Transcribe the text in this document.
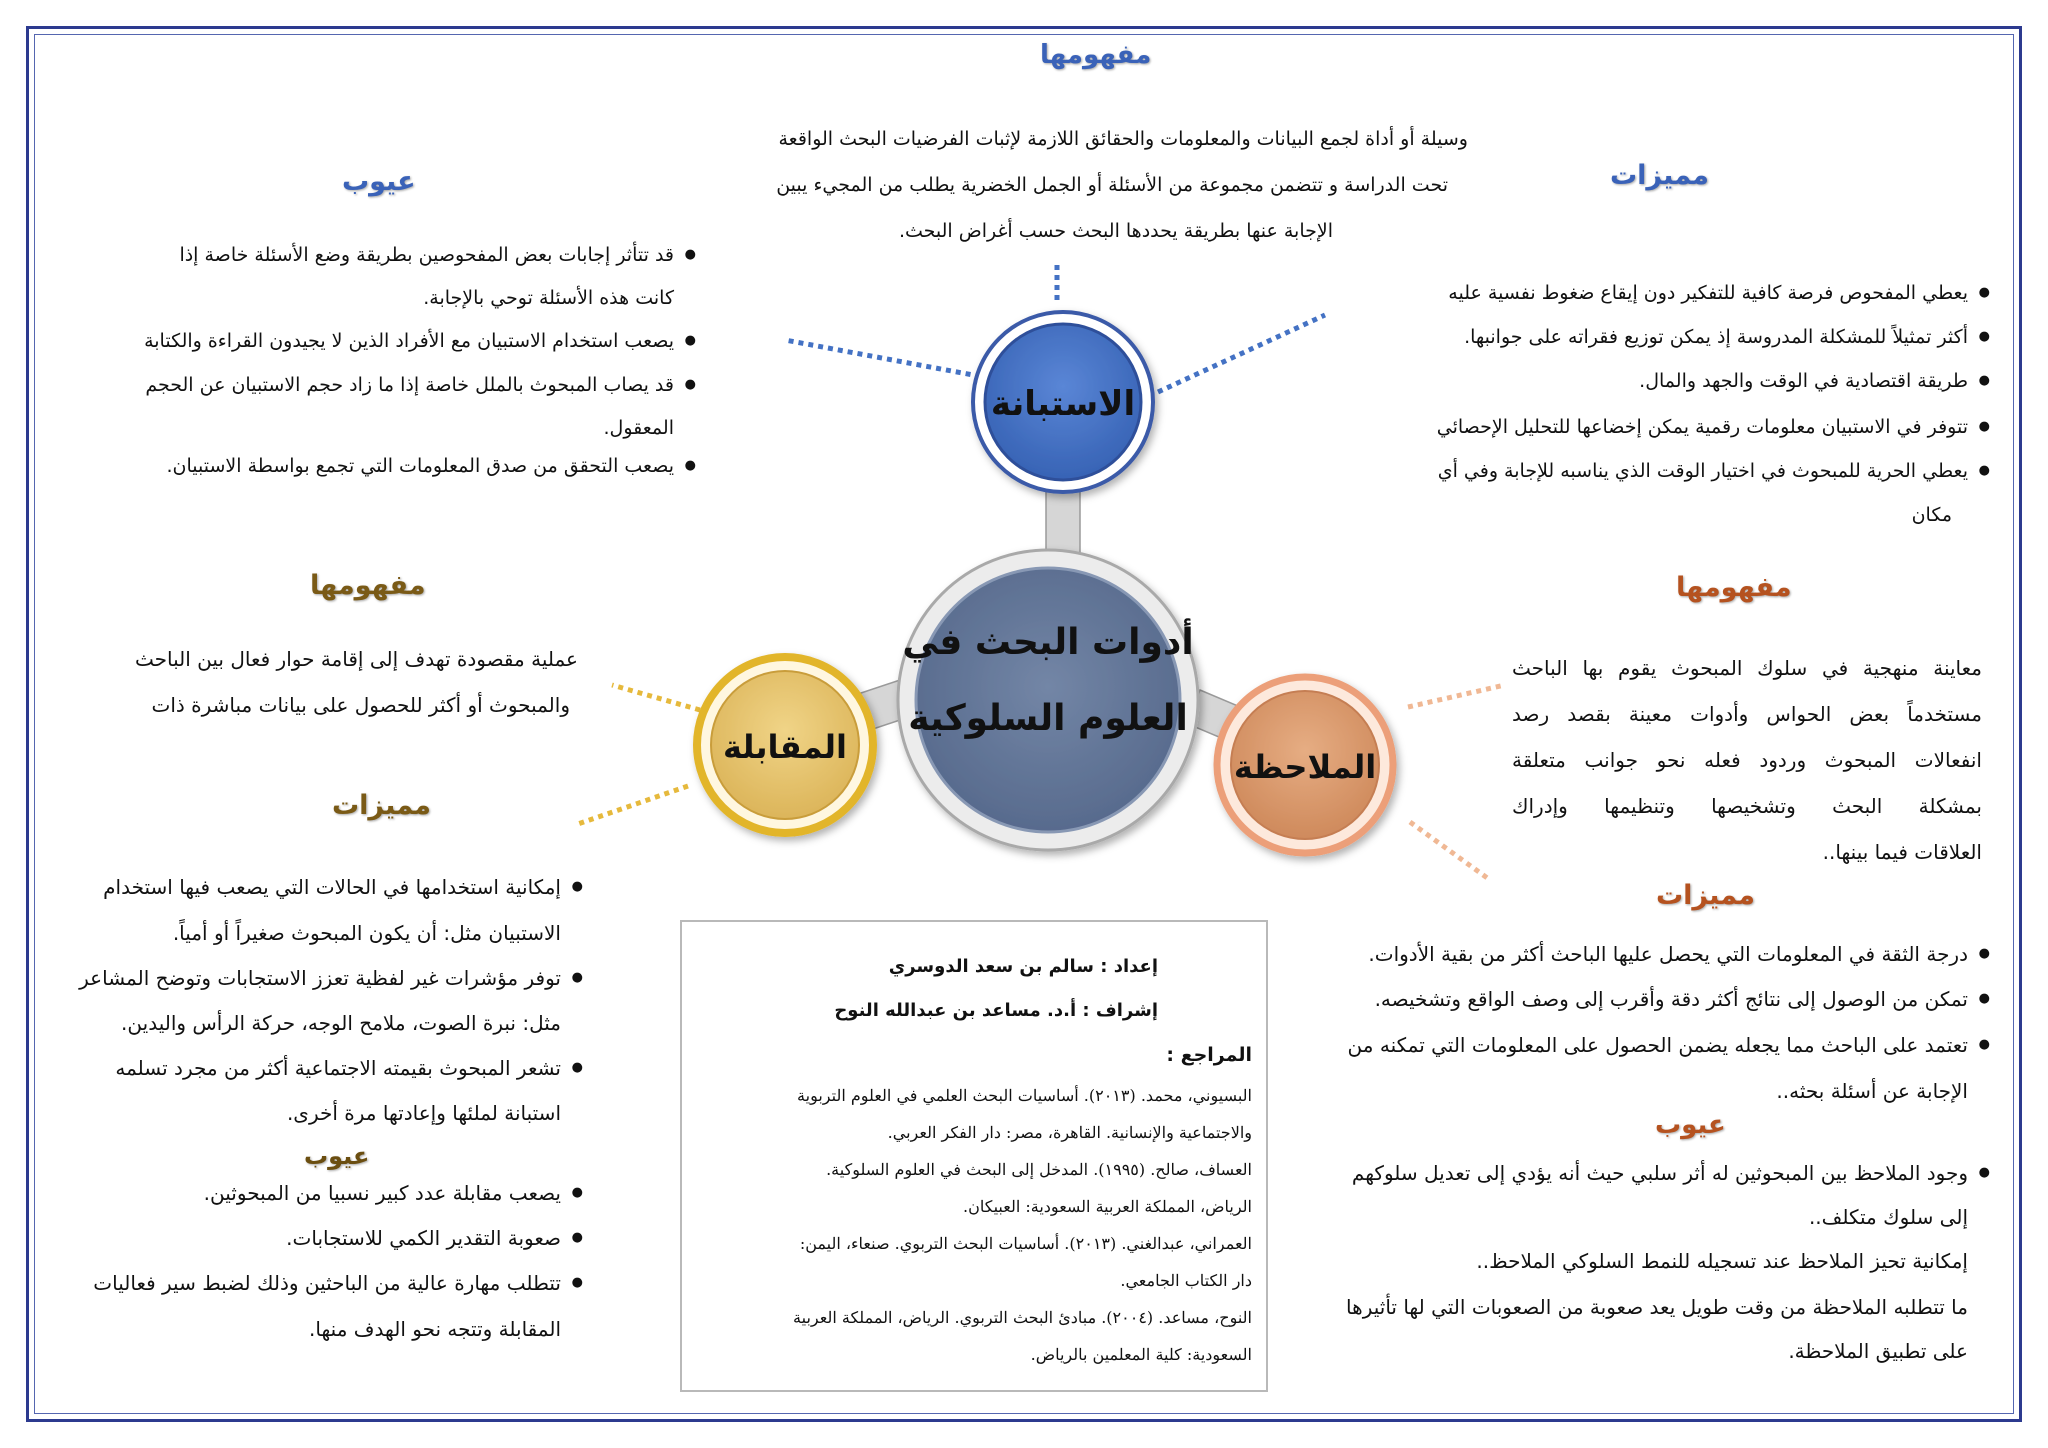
أدوات البحث في
العلوم السلوكية
الاستبانة
المقابلة
الملاحظة
مفهومها
وسيلة أو أداة لجمع البيانات والمعلومات والحقائق اللازمة لإثبات الفرضيات البحث الواقعة
تحت الدراسة و تتضمن مجموعة من الأسئلة أو الجمل الخضرية يطلب من المجيء يبين
الإجابة عنها بطريقة يحددها البحث حسب أغراض البحث.
مميزات
● يعطي المفحوص فرصة كافية للتفكير دون إيقاع ضغوط نفسية عليه
● أكثر تمثيلاً للمشكلة المدروسة إذ يمكن توزيع فقراته على جوانبها.
● طريقة اقتصادية في الوقت والجهد والمال.
● تتوفر في الاستبيان معلومات رقمية يمكن إخضاعها للتحليل الإحصائي
● يعطي الحرية للمبحوث في اختيار الوقت الذي يناسبه للإجابة وفي أي
مكان
عيوب
● قد تتأثر إجابات بعض المفحوصين بطريقة وضع الأسئلة خاصة إذا
كانت هذه الأسئلة توحي بالإجابة.
● يصعب استخدام الاستبيان مع الأفراد الذين لا يجيدون القراءة والكتابة
● قد يصاب المبحوث بالملل خاصة إذا ما زاد حجم الاستبيان عن الحجم
المعقول.
● يصعب التحقق من صدق المعلومات التي تجمع بواسطة الاستبيان.
مفهومها
عملية مقصودة تهدف إلى إقامة حوار فعال بين الباحث
والمبحوث أو أكثر للحصول على بيانات مباشرة ذات
مميزات
● إمكانية استخدامها في الحالات التي يصعب فيها استخدام
الاستبيان مثل: أن يكون المبحوث صغيراً أو أمياً.
● توفر مؤشرات غير لفظية تعزز الاستجابات وتوضح المشاعر
مثل: نبرة الصوت، ملامح الوجه، حركة الرأس واليدين.
● تشعر المبحوث بقيمته الاجتماعية أكثر من مجرد تسلمه
استبانة لملئها وإعادتها مرة أخرى.
عيوب
● يصعب مقابلة عدد كبير نسبيا من المبحوثين.
● صعوبة التقدير الكمي للاستجابات.
● تتطلب مهارة عالية من الباحثين وذلك لضبط سير فعاليات
المقابلة وتتجه نحو الهدف منها.
مفهومها
معاينة منهجية في سلوك المبحوث يقوم بها الباحث
مستخدماً بعض الحواس وأدوات معينة بقصد رصد
انفعالات المبحوث وردود فعله نحو جوانب متعلقة
بمشكلة البحث وتشخيصها وتنظيمها وإدراك
العلاقات فيما بينها..
مميزات
● درجة الثقة في المعلومات التي يحصل عليها الباحث أكثر من بقية الأدوات.
● تمكن من الوصول إلى نتائج أكثر دقة وأقرب إلى وصف الواقع وتشخيصه.
● تعتمد على الباحث مما يجعله يضمن الحصول على المعلومات التي تمكنه من
الإجابة عن أسئلة بحثه..
عيوب
● وجود الملاحظ بين المبحوثين له أثر سلبي حيث أنه يؤدي إلى تعديل سلوكهم
إلى سلوك متكلف..
إمكانية تحيز الملاحظ عند تسجيله للنمط السلوكي الملاحظ..
ما تتطلبه الملاحظة من وقت طويل يعد صعوبة من الصعوبات التي لها تأثيرها
على تطبيق الملاحظة.
إعداد : سالم بن سعد الدوسري
إشراف : أ.د. مساعد بن عبدالله النوح
المراجع :
البسيوني، محمد. (٢٠١٣). أساسيات البحث العلمي في العلوم التربوية
والاجتماعية والإنسانية. القاهرة، مصر: دار الفكر العربي.
العساف، صالح. (١٩٩٥). المدخل إلى البحث في العلوم السلوكية.
الرياض، المملكة العربية السعودية: العبيكان.
العمراني، عبدالغني. (٢٠١٣). أساسيات البحث التربوي. صنعاء، اليمن:
دار الكتاب الجامعي.
النوح، مساعد. (٢٠٠٤). مبادئ البحث التربوي. الرياض، المملكة العربية
السعودية: كلية المعلمين بالرياض.
